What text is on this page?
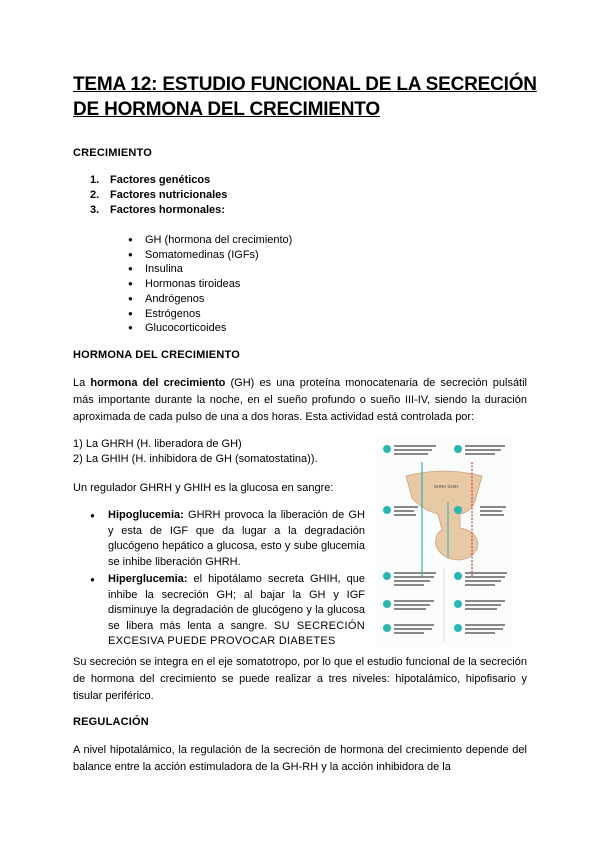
TEMA 12: ESTUDIO FUNCIONAL DE LA SECRECIÓN DE HORMONA DEL CRECIMIENTO
CRECIMIENTO
1. Factores genéticos
2. Factores nutricionales
3. Factores hormonales:
● GH (hormona del crecimiento)
● Somatomedinas (IGFs)
● Insulina
● Hormonas tiroideas
● Andrógenos
● Estrógenos
● Glucocorticoides
HORMONA DEL CRECIMIENTO
La hormona del crecimiento (GH) es una proteína monocatenaria de secreción pulsátil más importante durante la noche, en el sueño profundo o sueño III-IV, siendo la duración aproximada de cada pulso de una a dos horas. Esta actividad está controlada por:
1) La GHRH (H. liberadora de GH)
2) La GHIH (H. inhibidora de GH (somatostatina)).
Un regulador GHRH y GHIH es la glucosa en sangre:
● Hipoglucemia: GHRH provoca la liberación de GH y esta de IGF que da lugar a la degradación glucógeno hepático a glucosa, esto y sube glucemia se inhibe liberación GHRH.
● Hiperglucemia: el hipotálamo secreta GHIH, que inhibe la secreción GH; al bajar la GH y IGF disminuye la degradación de glucógeno y la glucosa se libera más lenta a sangre. SU SECRECIÓN EXCESIVA PUEDE PROVOCAR DIABETES
Su secreción se integra en el eje somatotropo, por lo que el estudio funcional de la secreción de hormona del crecimiento se puede realizar a tres niveles: hipotalámico, hipofisario y tisular periférico.
REGULACIÓN
A nivel hipotalámico, la regulación de la secreción de hormona del crecimiento depende del balance entre la acción estimuladora de la GH-RH y la acción inhibidora de la
GHRH GHIH
